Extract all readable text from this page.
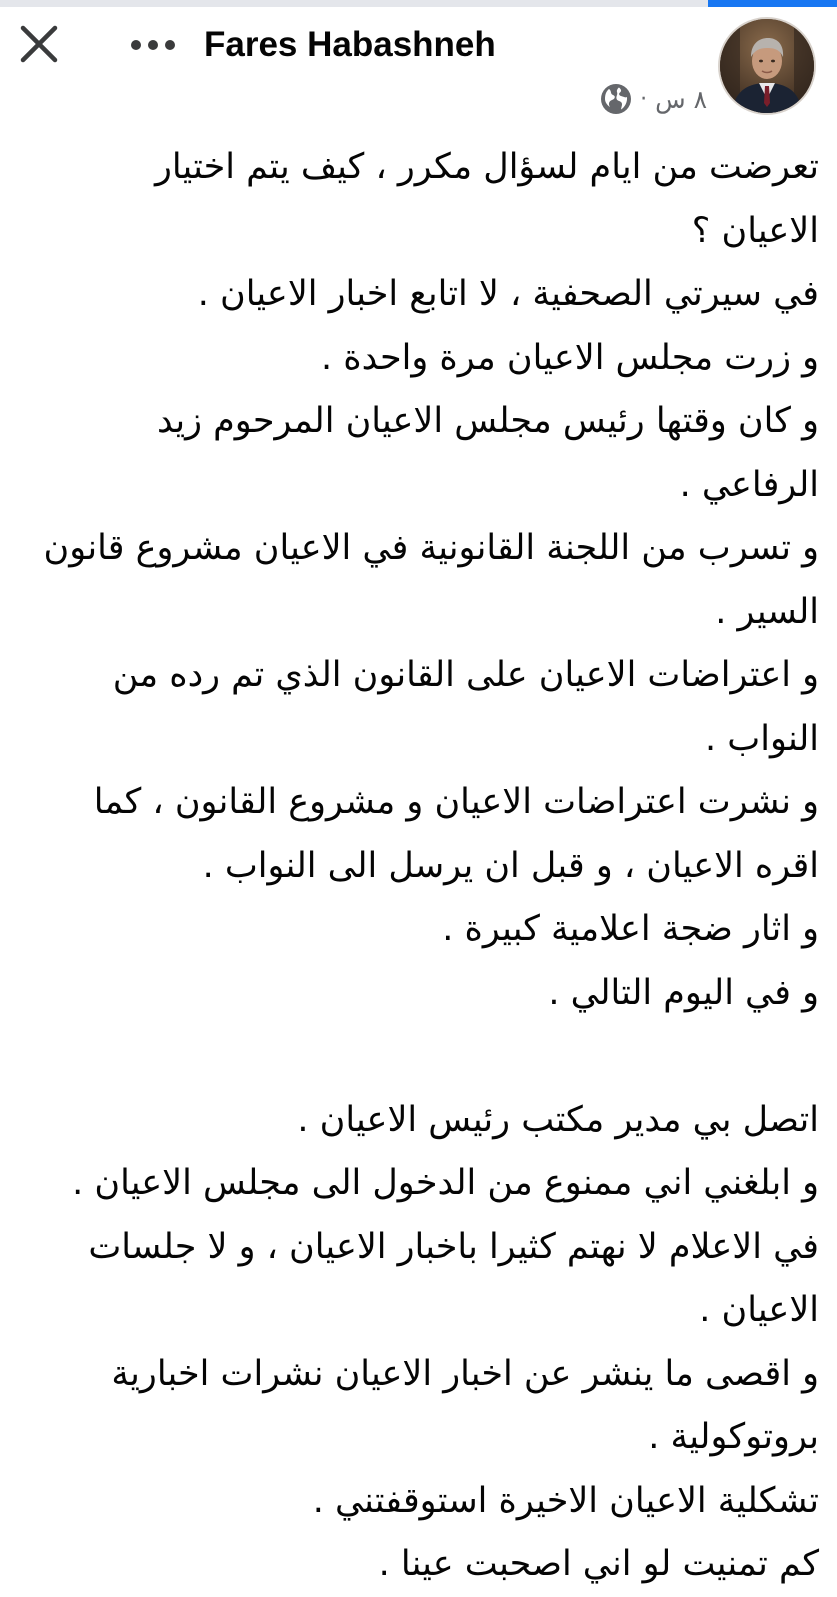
Fares Habashneh
٨ س
·
تعرضت من ايام لسؤال مكرر ، كيف يتم اختيار
الاعيان ؟
في سيرتي الصحفية ، لا اتابع اخبار الاعيان .
و زرت مجلس الاعيان مرة واحدة .
و كان وقتها رئيس مجلس الاعيان المرحوم زيد
الرفاعي .
و تسرب من اللجنة القانونية في الاعيان مشروع قانون
السير .
و اعتراضات الاعيان على القانون الذي تم رده من
النواب .
و نشرت اعتراضات الاعيان و مشروع القانون ، كما
اقره الاعيان ، و قبل ان يرسل الى النواب .
و اثار ضجة اعلامية كبيرة .
و في اليوم التالي .
اتصل بي مدير مكتب رئيس الاعيان .
و ابلغني اني ممنوع من الدخول الى مجلس الاعيان .
في الاعلام لا نهتم كثيرا باخبار الاعيان ، و لا جلسات
الاعيان .
و اقصى ما ينشر عن اخبار الاعيان نشرات اخبارية
بروتوكولية .
تشكلية الاعيان الاخيرة استوقفتني .
كم تمنيت لو اني اصحبت عينا .
